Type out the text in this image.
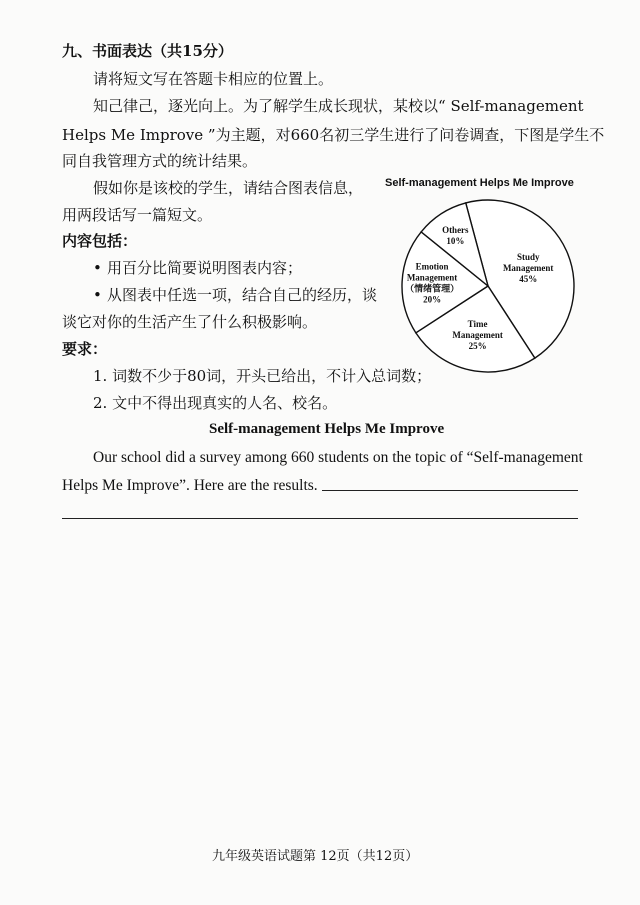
九、书面表达（共15分）
请将短文写在答题卡相应的位置上。
知己律己，逐光向上。为了解学生成长现状，某校以“ Self-management
Helps Me Improve ”为主题，对660名初三学生进行了问卷调查，下图是学生不
同自我管理方式的统计结果。
假如你是该校的学生，请结合图表信息，
用两段话写一篇短文。
内容包括：
• 用百分比简要说明图表内容；
• 从图表中任选一项，结合自己的经历，谈
谈它对你的生活产生了什么积极影响。
要求：
1. 词数不少于80词，开头已给出，不计入总词数；
2. 文中不得出现真实的人名、校名。
Self-management Helps Me Improve
Study Management 45%
Time Management 25%
Emotion Management （情绪管理） 20%
Others 10%
Self-management Helps Me Improve
Our school did a survey among 660 students on the topic of “Self-management
Helps Me Improve”. Here are the results.
九年级英语试题第 12页（共12页）
